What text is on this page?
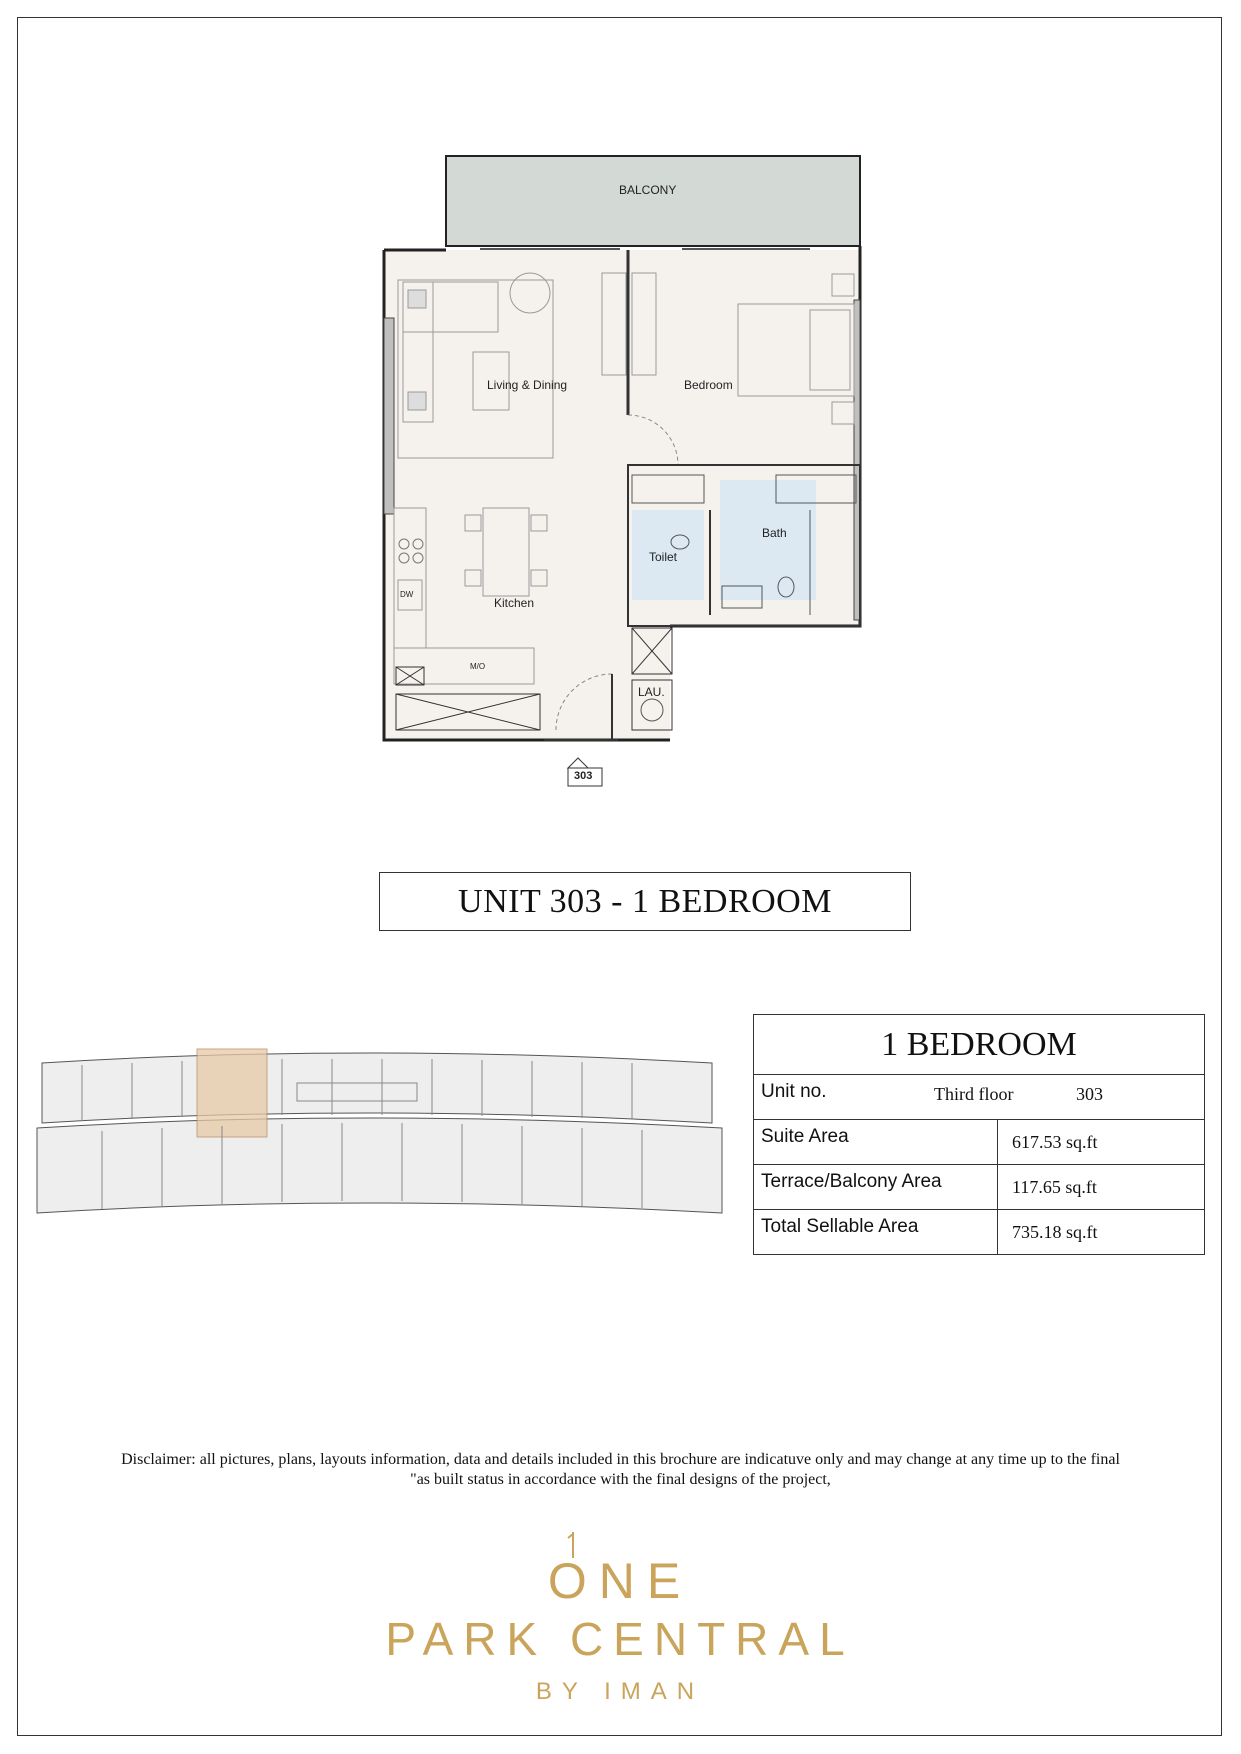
BALCONY
Living & Dining	Bedroom
Bath
Toilet
Kitchen
LAU.
DW
M/O
303
UNIT 303 - 1 BEDROOM
1 BEDROOM
Unit no.	Third floor	303
Suite Area	617.53 sq.ft
Terrace/Balcony Area	117.65 sq.ft
Total Sellable Area	735.18 sq.ft
Disclaimer: all pictures, plans, layouts information, data and details included in this brochure are indicatuve only and may change at any time up to the final
"as built status in accordance with the final designs of the project,
ONE
PARK CENTRAL
BY IMAN
